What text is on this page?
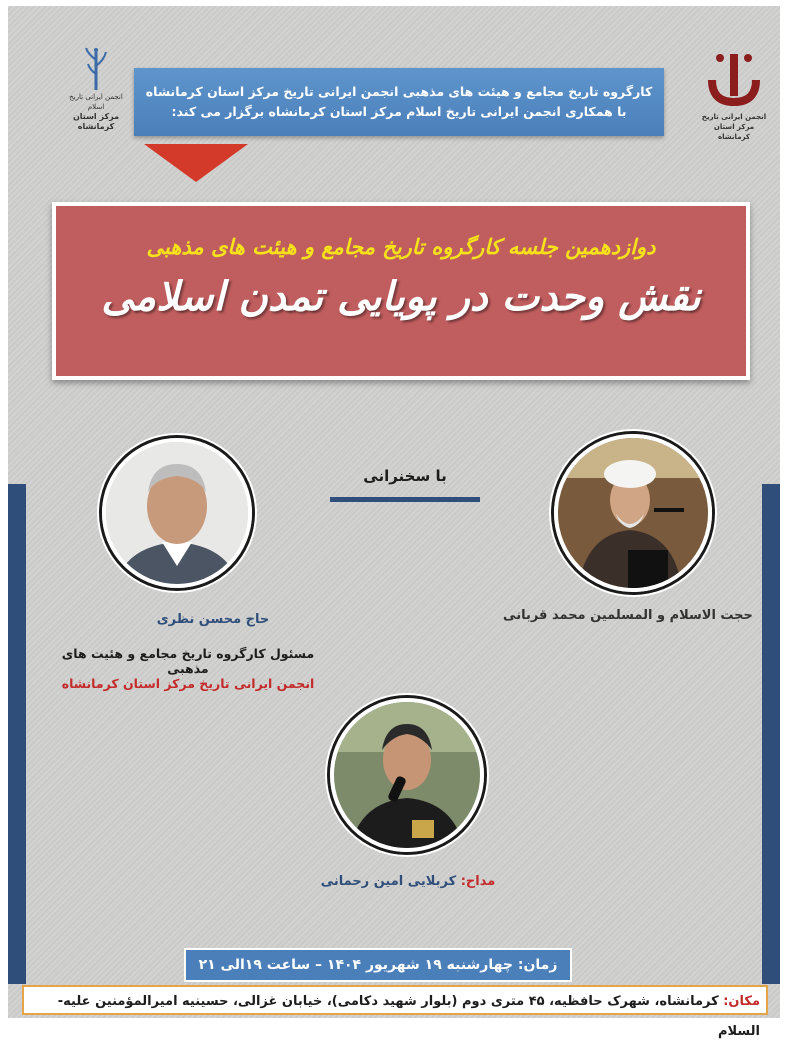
انجمن ایرانی تاریخ اسلام
مرکز استان کرمانشاه
انجمن ایرانی تاریخ
مرکز استان کرمانشاه
کارگروه تاریخ مجامع و هیئت های مذهبی انجمن ایرانی تاریخ مرکز استان کرمانشاه
با همکاری انجمن ایرانی تاریخ اسلام مرکز استان کرمانشاه برگزار می کند:
دوازدهمین جلسه کارگروه تاریخ مجامع و هیئت های مذهبی
نقش وحدت در پویایی تمدن اسلامی
با سخنرانی
حاج محسن نظری
مسئول کارگروه تاریخ مجامع و هئیت های مذهبی
انجمن ایرانی تاریخ مرکز استان کرمانشاه
حجت الاسلام و المسلمین محمد قربانی
مداح: کربلایی امین رحمانی
زمان: چهارشنبه ۱۹ شهریور ۱۴۰۴ – ساعت ۱۹الی ۲۱
مکان: کرمانشاه، شهرک حافظیه، ۴۵ متری دوم (بلوار شهید دکامی)، خیابان غزالی، حسینیه امیرالمؤمنین علیه-السلام
